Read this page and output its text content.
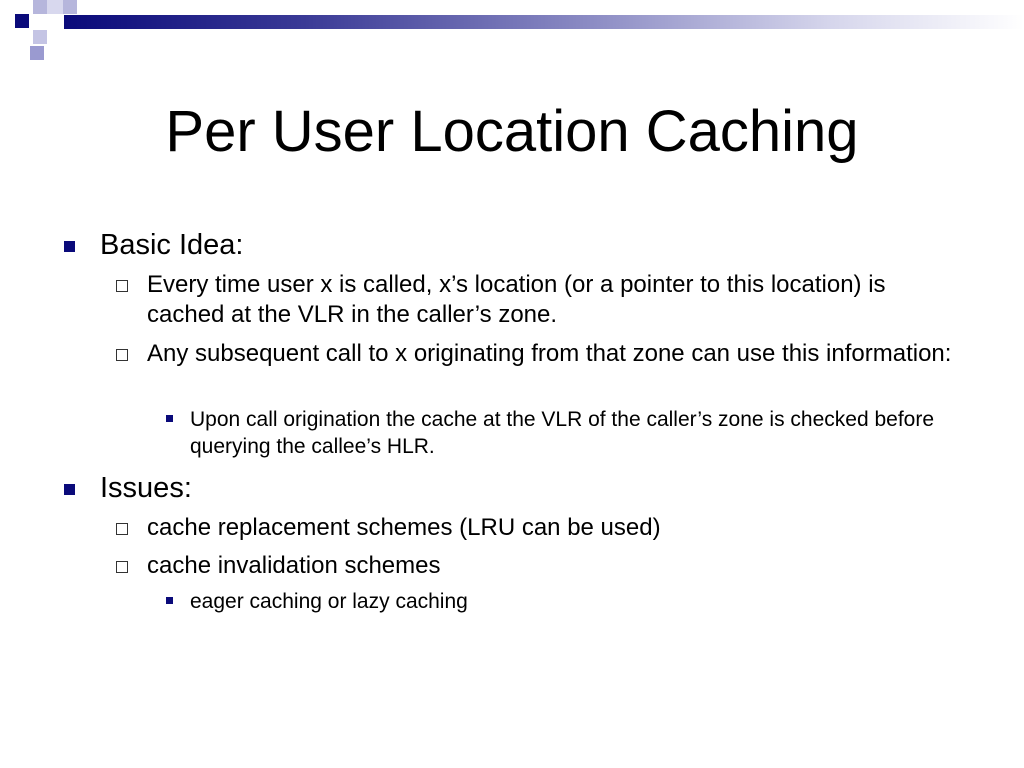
Per User Location Caching
Basic Idea:
Every time user x is called, x’s location (or a pointer to this location) is cached at the VLR in the caller’s zone.
Any subsequent call to x originating from that zone can use this information:
Upon call origination the cache at the VLR of the caller’s zone is checked before querying the callee’s HLR.
Issues:
cache replacement schemes (LRU can be used)
cache invalidation schemes
eager caching or lazy caching
